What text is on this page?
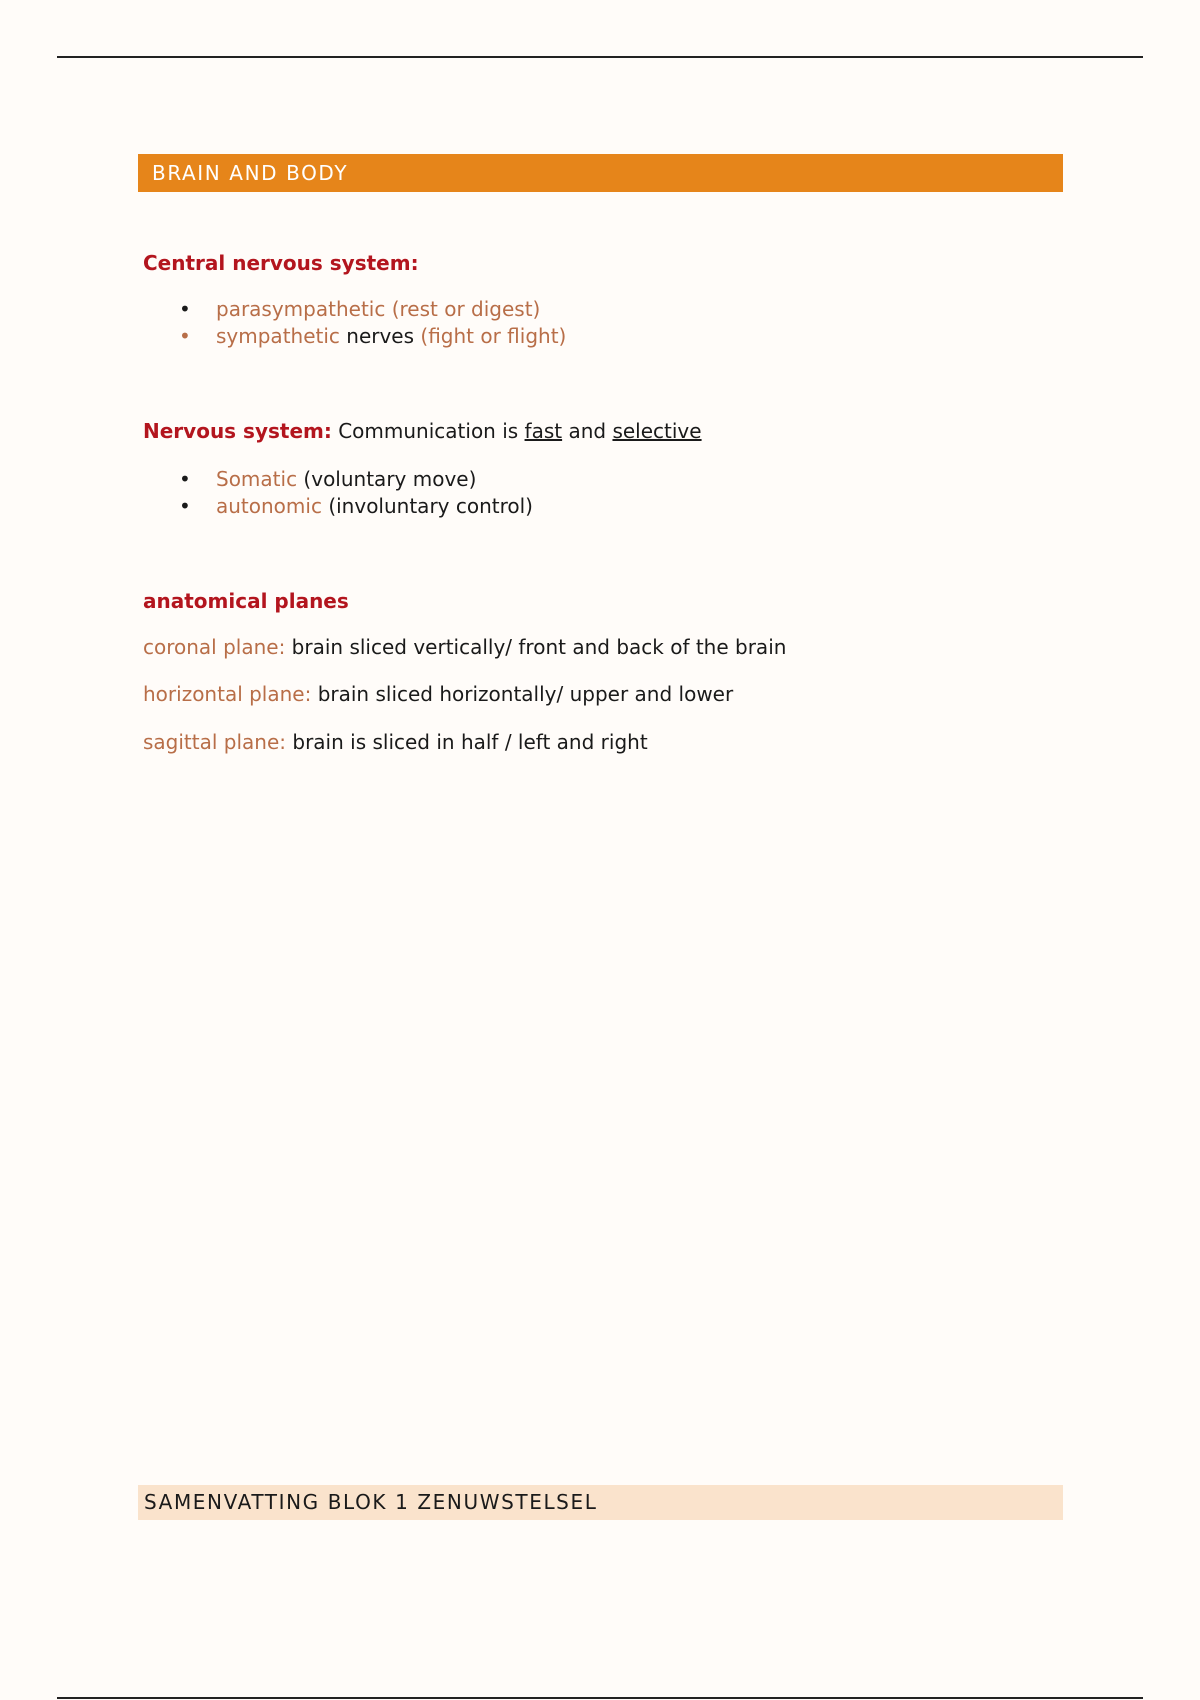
BRAIN AND BODY

Central nervous system:

• parasympathetic (rest or digest)
• sympathetic nerves (fight or flight)
Nervous system: Communication is fast and selective
• Somatic (voluntary move)
• autonomic (involuntary control)

anatomical planes

coronal plane: brain sliced vertically/ front and back of the brain
horizontal plane: brain sliced horizontally/ upper and lower
sagittal plane: brain is sliced in half / left and right
SAMENVATTING BLOK 1 ZENUWSTELSEL
